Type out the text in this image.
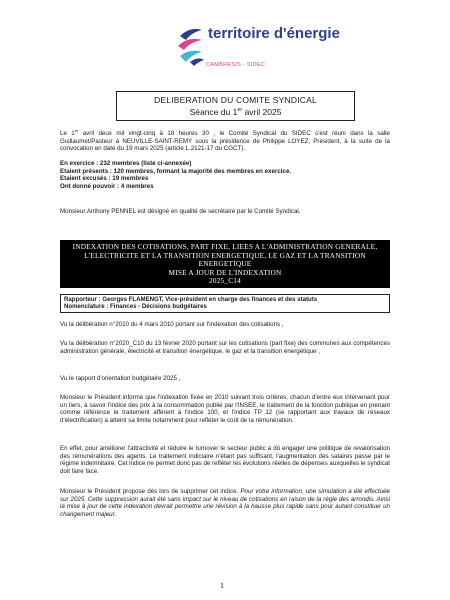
territoire d'énergie
CAMBRESIS · SIDEC
DELIBERATION DU COMITE SYNDICAL
Séance du 1er avril 2025
Le 1er avril deux mil vingt-cinq à 18 heures 30 , le Comité Syndical du SIDEC s'est réuni dans la salle Guillaumet/Pasteur à NEUVILLE-SAINT-REMY sous la présidence de Philippe LOYEZ, Président, à la suite de la convocation en date du 19 mars 2025 (article L.2121-17 du CGCT).
En exercice : 232 membres (liste ci-annexée)
Etaient présents : 120 membres, formant la majorité des membres en exercice.
Etaient excusés : 19 membres
Ont donné pouvoir : 4 membres
Monsieur Anthony PENNEL est désigné en qualité de secrétaire par le Comité Syndical.
INDEXATION DES COTISATIONS, PART FIXE, LIEES A L'ADMINISTRATION GENERALE,
L'ELECTRICITE ET LA TRANSITION ENERGETIQUE, LE GAZ ET LA TRANSITION ENERGETIQUE
MISE A JOUR DE L'INDEXATION
2025_C14
Rapporteur : Georges FLAMENGT, Vice-président en charge des finances et des statuts
Nomenclature : Finances - Décisions budgétaires
Vu la délibération n°2010 du 4 mars 2010 portant sur l'indexation des cotisations ,
Vu la délibération n°2020_C10 du 13 février 2020 portant sur les cotisations (part fixe) des communes aux compétences administration générale, électricité et transition énergétique, le gaz et la transition énergétique ,
Vu le rapport d'orientation budgétaire 2025 ,
Monsieur le Président informe que l'indexation fixée en 2010 suivant trois critères, chacun d'entre eux intervenant pour un tiers, à savoir l'indice des prix à la consommation publié par l'INSEE, le traitement de la fonction publique en prenant comme référence le traitement afférent à l'indice 100, et l'indice TP 12 (se rapportant aux travaux de réseaux d'électrification) a atteint sa limite notamment pour refléter le coût de la rémunération.
En effet, pour améliorer l'attractivité et réduire le turnover le secteur public a dû engager une politique de revalorisation des rémunérations des agents. Le traitement indiciaire n'étant pas suffisant, l'augmentation des salaires passe par le régime indemnitaire. Cet indice ne permet donc pas de refléter les évolutions réelles de dépenses auxquelles le syndicat doit faire face.
Monsieur le Président propose dès lors de supprimer cet indice. Pour votre information, une simulation a été effectuée sur 2025. Cette suppression aurait été sans impact sur le niveau de cotisations en raison de la règle des arrondis. Ainsi la mise à jour de cette indexation devrait permettre une révision à la hausse plus rapide sans pour autant constituer un changement majeur.
1
